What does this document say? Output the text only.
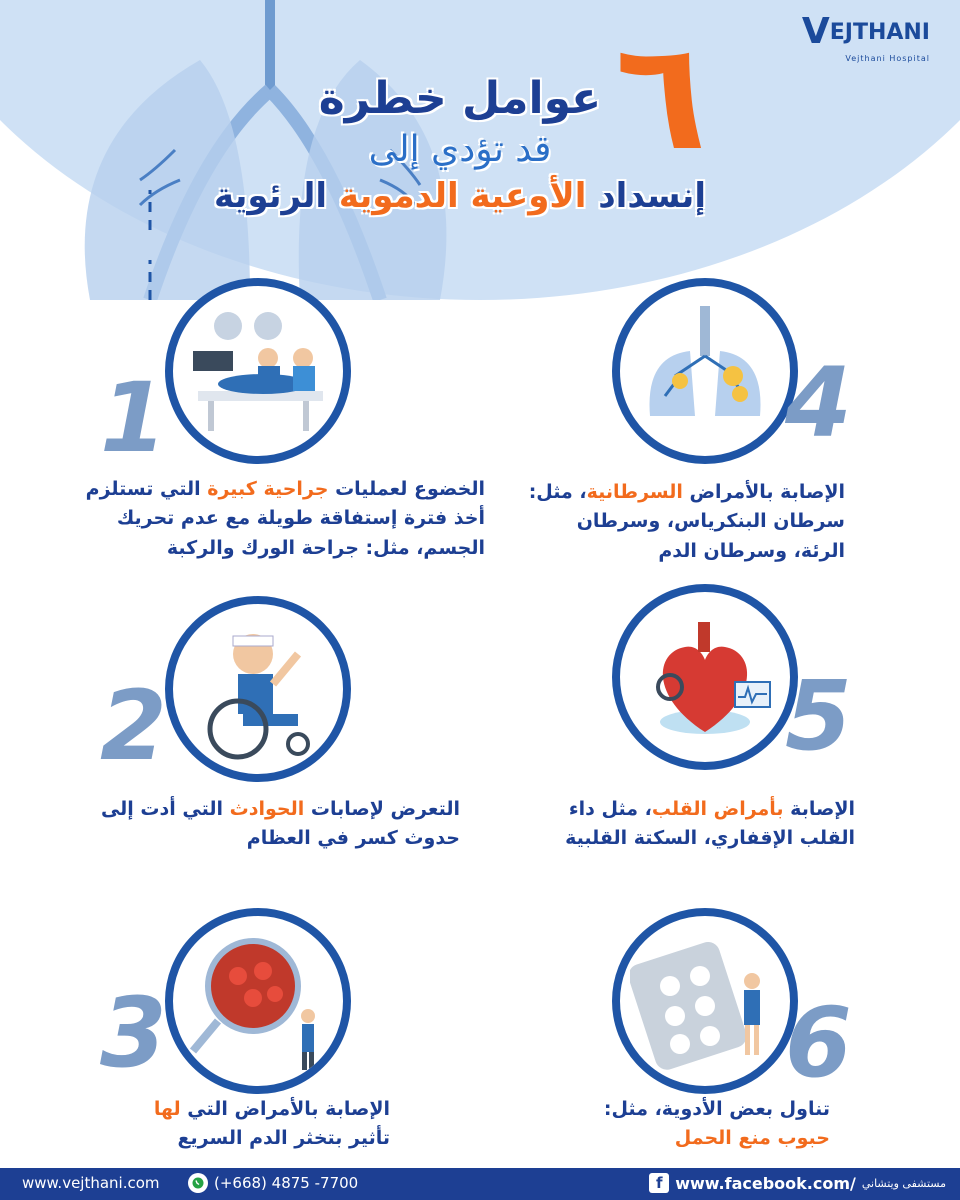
V EJTHANI
Vejthani Hospital
٦

عوامل خطرة

قد تؤدي إلى

إنسداد الأوعية الدموية الرئوية

1
الخضوع لعمليات جراحية كبيرة التي تستلزم أخذ فترة إستفاقة طويلة مع عدم تحريك الجسم، مثل: جراحة الورك والركبة
2
التعرض لإصابات الحوادث التي أدت إلى حدوث كسر في العظام
3
الإصابة بالأمراض التي لها تأثير بتخثر الدم السريع
4
الإصابة بالأمراض السرطانية، مثل: سرطان البنكرياس، وسرطان الرئة، وسرطان الدم
5
الإصابة بأمراض القلب، مثل داء القلب الإقفاري، السكتة القلبية
6
تناول بعض الأدوية، مثل: حبوب منع الحمل
www.vejthani.com	(+668) 4875 -7700	f www.facebook.com/ مستشفى ويتشاني
